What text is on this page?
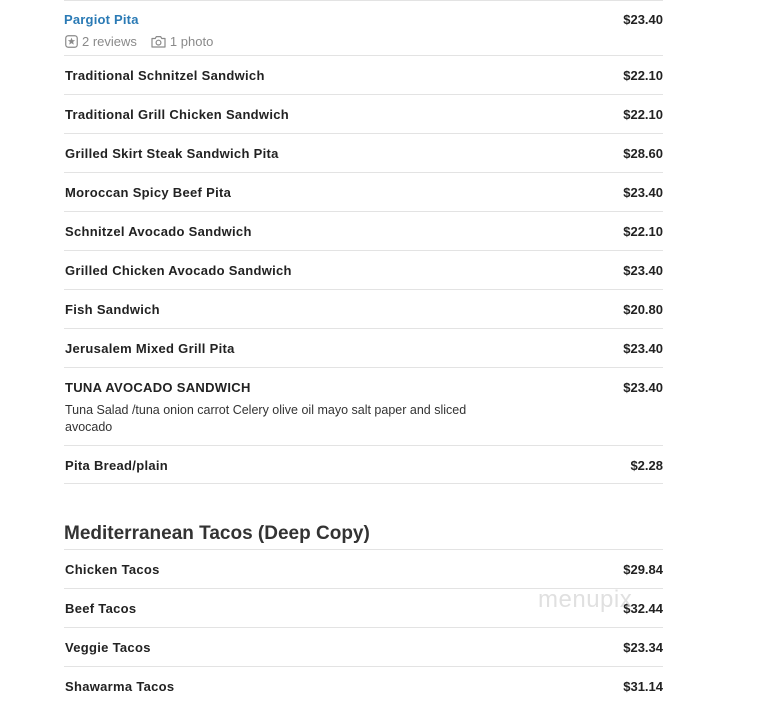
Pargiot Pita	$23.40
2 reviews	1 photo
Traditional Schnitzel Sandwich	$22.10
Traditional Grill Chicken Sandwich	$22.10
Grilled Skirt Steak Sandwich Pita	$28.60
Moroccan Spicy Beef Pita	$23.40
Schnitzel Avocado Sandwich	$22.10
Grilled Chicken Avocado Sandwich	$23.40
Fish Sandwich	$20.80
Jerusalem Mixed Grill Pita	$23.40
TUNA AVOCADO SANDWICH	$23.40
Tuna Salad /tuna onion carrot Celery olive oil mayo salt paper and sliced avocado
Pita Bread/plain	$2.28
Mediterranean Tacos (Deep Copy)
Chicken Tacos	$29.84
Beef Tacos	$32.44
Veggie Tacos	$23.34
Shawarma Tacos	$31.14
menupix
